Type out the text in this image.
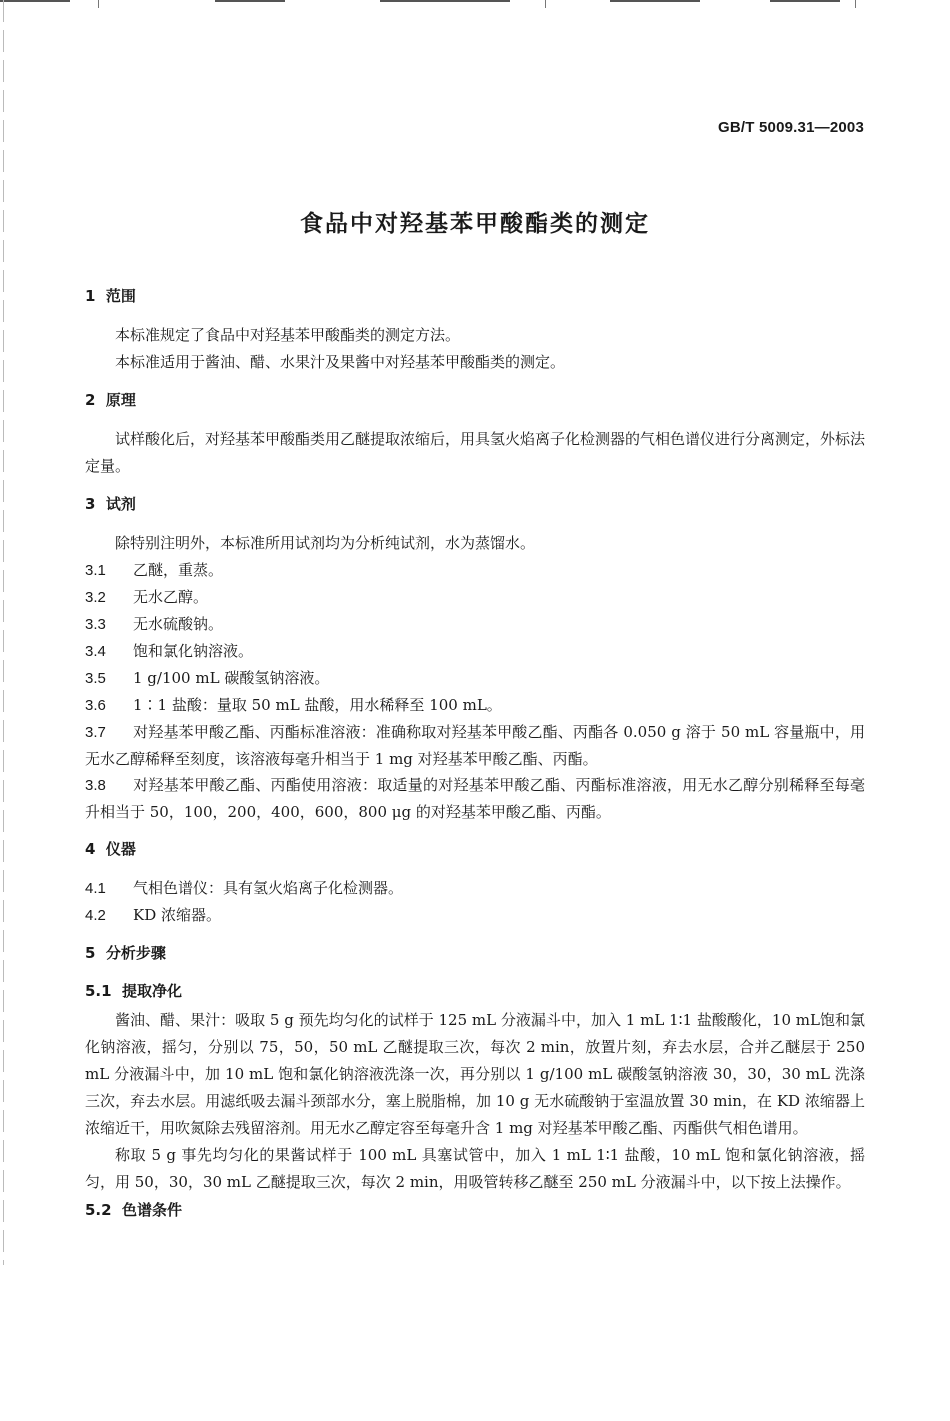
GB/T 5009.31—2003
食品中对羟基苯甲酸酯类的测定
1  范围

本标准规定了食品中对羟基苯甲酸酯类的测定方法。

本标准适用于酱油、醋、水果汁及果酱中对羟基苯甲酸酯类的测定。

2  原理

试样酸化后，对羟基苯甲酸酯类用乙醚提取浓缩后，用具氢火焰离子化检测器的气相色谱仪进行分离测定，外标法定量。

3  试剂

除特别注明外，本标准所用试剂均为分析纯试剂，水为蒸馏水。

3.1 乙醚，重蒸。

3.2 无水乙醇。

3.3 无水硫酸钠。

3.4 饱和氯化钠溶液。

3.5 1 g/100 mL 碳酸氢钠溶液。

3.6 1∶1 盐酸：量取 50 mL 盐酸，用水稀释至 100 mL。

3.7 对羟基苯甲酸乙酯、丙酯标准溶液：准确称取对羟基苯甲酸乙酯、丙酯各 0.050 g 溶于 50 mL 容量瓶中，用无水乙醇稀释至刻度，该溶液每毫升相当于 1 mg 对羟基苯甲酸乙酯、丙酯。

3.8 对羟基苯甲酸乙酯、丙酯使用溶液：取适量的对羟基苯甲酸乙酯、丙酯标准溶液，用无水乙醇分别稀释至每毫升相当于 50，100，200，400，600，800 μg 的对羟基苯甲酸乙酯、丙酯。

4  仪器

4.1 气相色谱仪：具有氢火焰离子化检测器。

4.2 KD 浓缩器。

5  分析步骤
5.1  提取净化

酱油、醋、果汁：吸取 5 g 预先均匀化的试样于 125 mL 分液漏斗中，加入 1 mL 1∶1 盐酸酸化，10 mL饱和氯化钠溶液，摇匀，分别以 75，50，50 mL 乙醚提取三次，每次 2 min，放置片刻，弃去水层，合并乙醚层于 250 mL 分液漏斗中，加 10 mL 饱和氯化钠溶液洗涤一次，再分别以 1 g/100 mL 碳酸氢钠溶液 30，30，30 mL 洗涤三次，弃去水层。用滤纸吸去漏斗颈部水分，塞上脱脂棉，加 10 g 无水硫酸钠于室温放置 30 min，在 KD 浓缩器上浓缩近干，用吹氮除去残留溶剂。用无水乙醇定容至每毫升含 1 mg 对羟基苯甲酸乙酯、丙酯供气相色谱用。

称取 5 g 事先均匀化的果酱试样于 100 mL 具塞试管中，加入 1 mL 1∶1 盐酸，10 mL 饱和氯化钠溶液，摇匀，用 50，30，30 mL 乙醚提取三次，每次 2 min，用吸管转移乙醚至 250 mL 分液漏斗中，以下按上法操作。

5.2  色谱条件
